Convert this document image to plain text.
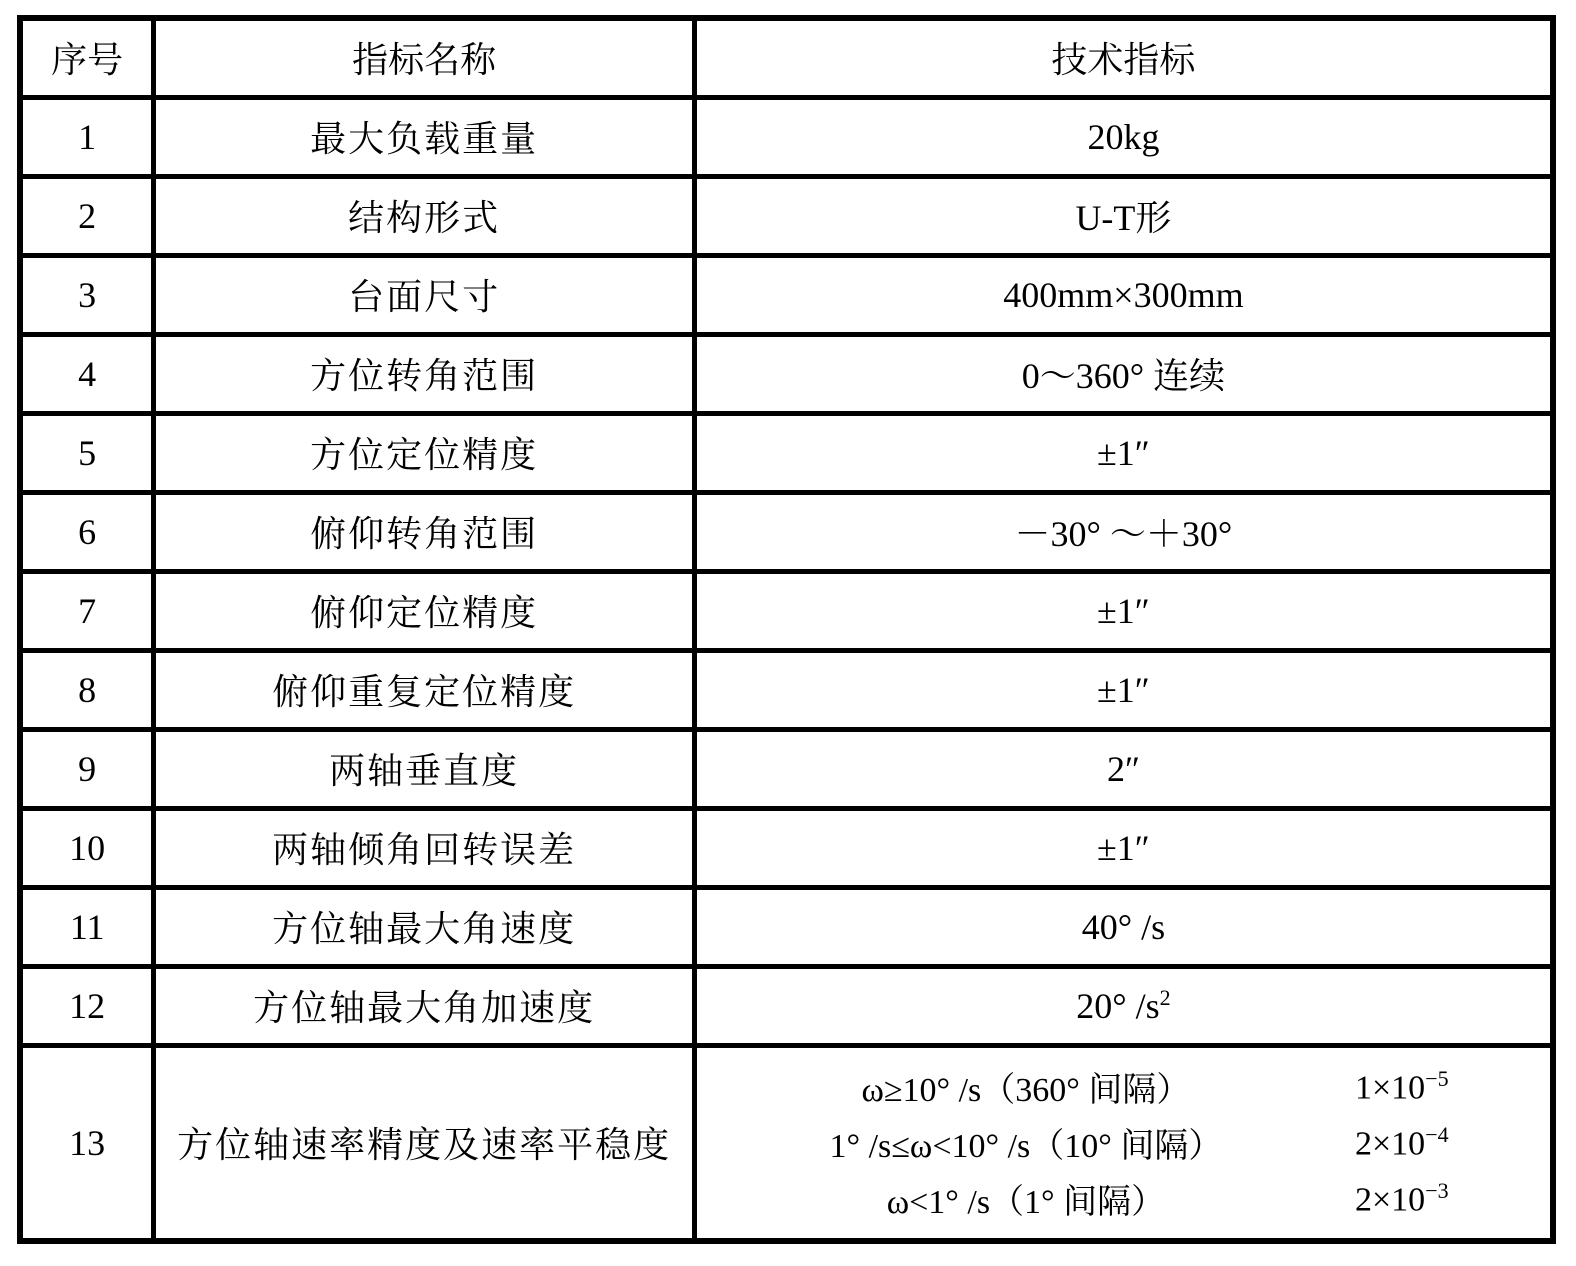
序号	指标名称	技术指标
1	最大负载重量	20kg
2	结构形式	U-T形
3	台面尺寸	400mm×300mm
4	方位转角范围	0～360° 连续
5	方位定位精度	±1″
6	俯仰转角范围	－30° ～＋30°
7	俯仰定位精度	±1″
8	俯仰重复定位精度	±1″
9	两轴垂直度	2″
10	两轴倾角回转误差	±1″
11	方位轴最大角速度	40° /s
12	方位轴最大角加速度	20° $/s^2$
13	方位轴速率精度及速率平稳度	
ω≥10° /s（360° 间隔）	$1\times 10^{-5}$
1° /s≤ω<10° /s（10° 间隔）	$2\times 10^{-4}$
ω<1° /s（1° 间隔）	$2\times 10^{-3}$
